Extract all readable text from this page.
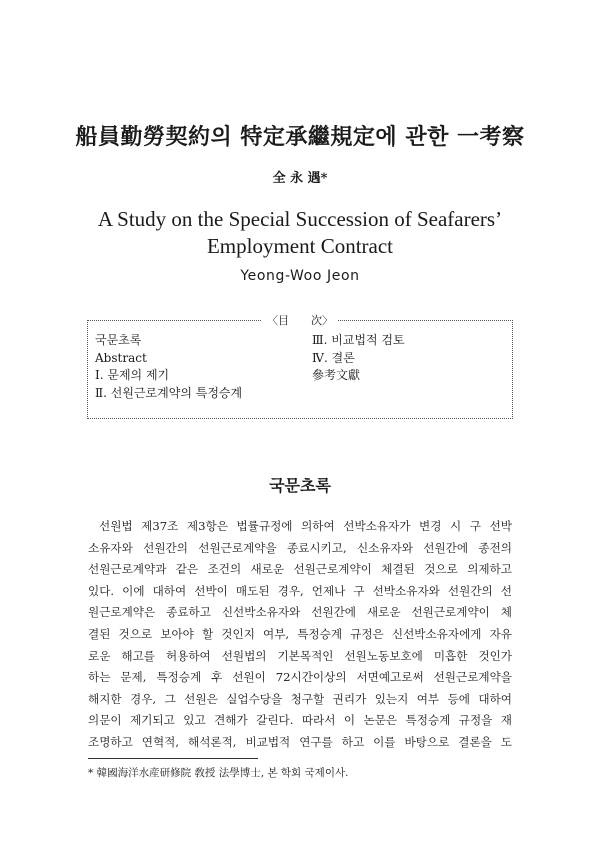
船員勤勞契約의 特定承繼規定에 관한 一考察
全 永 遇*
A Study on the Special Succession of Seafarers’
Employment Contract
Yeong-Woo Jeon
〈目　　次〉
국문초록
Abstract
Ⅰ. 문제의 제기
Ⅱ. 선원근로계약의 특정승계
Ⅲ. 비교법적 검토
Ⅳ. 결론
參考文獻
국문초록
선원법 제37조 제3항은 법률규정에 의하여 선박소유자가 변경 시 구 선박
소유자와 선원간의 선원근로계약을 종료시키고, 신소유자와 선원간에 종전의
선원근로계약과 같은 조건의 새로운 선원근로계약이 체결된 것으로 의제하고
있다. 이에 대하여 선박이 매도된 경우, 언제나 구 선박소유자와 선원간의 선
원근로계약은 종료하고 신선박소유자와 선원간에 새로운 선원근로계약이 체
결된 것으로 보아야 할 것인지 여부, 특정승계 규정은 신선박소유자에게 자유
로운 해고를 허용하여 선원법의 기본목적인 선원노동보호에 미흡한 것인가
하는 문제, 특정승계 후 선원이 72시간이상의 서면예고로써 선원근로계약을
해지한 경우, 그 선원은 실업수당을 청구할 권리가 있는지 여부 등에 대하여
의문이 제기되고 있고 견해가 갈린다. 따라서 이 논문은 특정승계 규정을 재
조명하고 연혁적, 해석론적, 비교법적 연구를 하고 이를 바탕으로 결론을 도
* 韓國海洋水産研修院 敎授 法學博士, 본 학회 국제이사.
